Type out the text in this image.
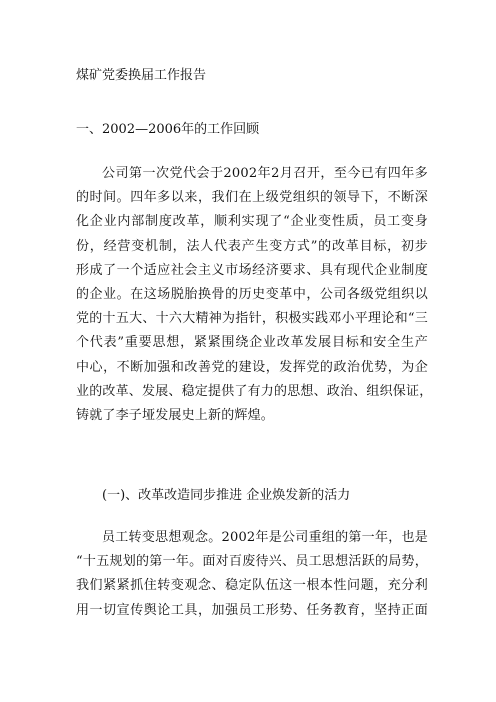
煤矿党委换届工作报告
一、2002—2006年的工作回顾
公司第一次党代会于2002年2月召开，至今已有四年多
的时间。四年多以来，我们在上级党组织的领导下，不断深
化企业内部制度改革，顺利实现了“企业变性质，员工变身
份，经营变机制，法人代表产生变方式”的改革目标，初步
形成了一个适应社会主义市场经济要求、具有现代企业制度
的企业。在这场脱胎换骨的历史变革中，公司各级党组织以
党的十五大、十六大精神为指针，积极实践邓小平理论和“三
个代表”重要思想，紧紧围绕企业改革发展目标和安全生产
中心，不断加强和改善党的建设，发挥党的政治优势，为企
业的改革、发展、稳定提供了有力的思想、政治、组织保证，
铸就了李子垭发展史上新的辉煌。
(一)、改革改造同步推进 企业焕发新的活力
员工转变思想观念。2002年是公司重组的第一年，也是
“十五规划的第一年。面对百废待兴、员工思想活跃的局势，
我们紧紧抓住转变观念、稳定队伍这一根本性问题，充分利
用一切宣传舆论工具，加强员工形势、任务教育，坚持正面
